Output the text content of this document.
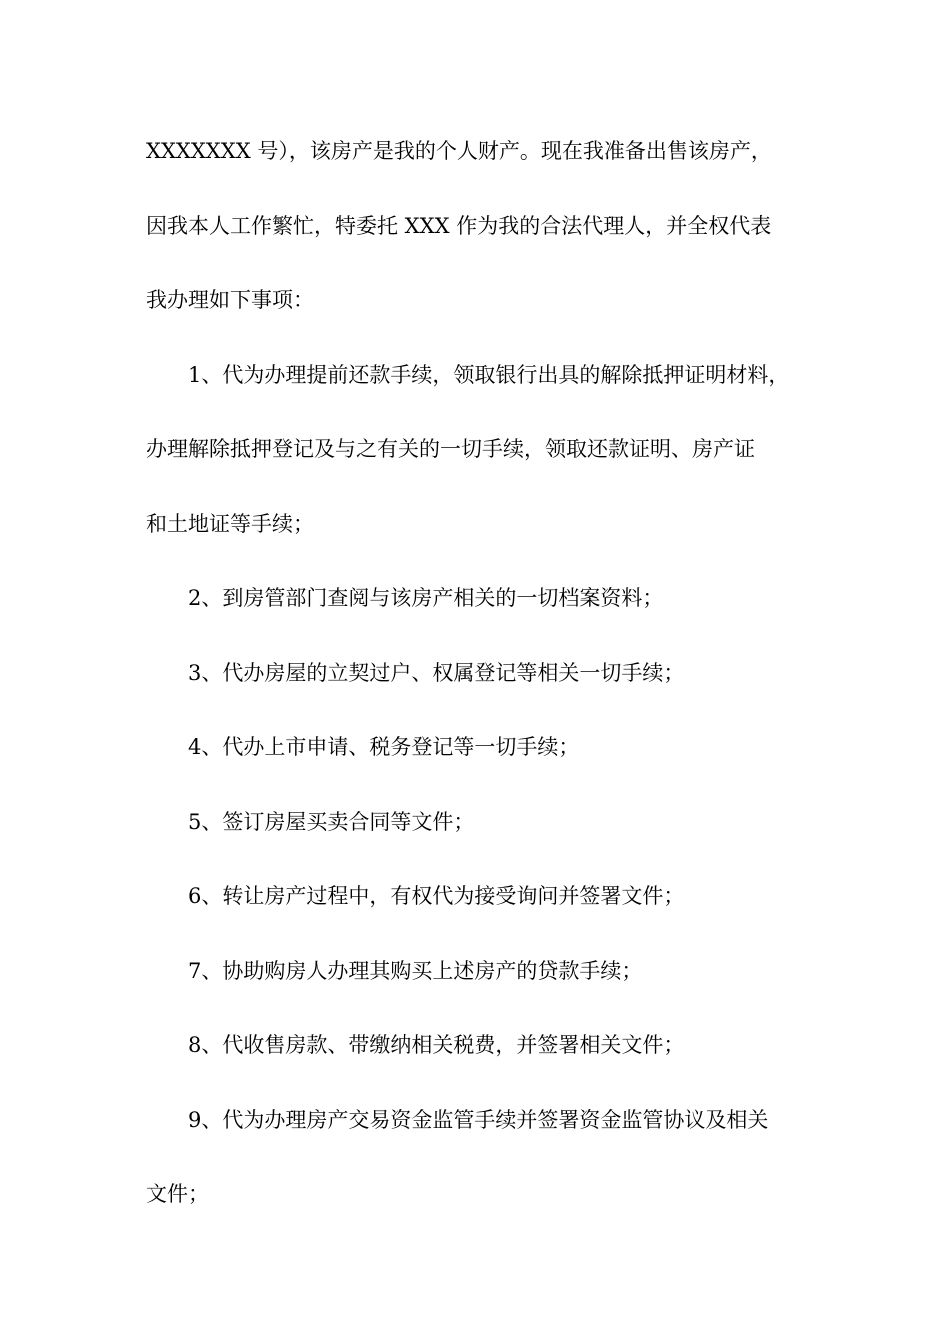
XXXXXXX 号），该房产是我的个人财产。现在我准备出售该房产，

因我本人工作繁忙，特委托 XXX 作为我的合法代理人，并全权代表

我办理如下事项：

1、代为办理提前还款手续，领取银行出具的解除抵押证明材料，

办理解除抵押登记及与之有关的一切手续，领取还款证明、房产证

和土地证等手续；

2、到房管部门查阅与该房产相关的一切档案资料；

3、代办房屋的立契过户、权属登记等相关一切手续；

4、代办上市申请、税务登记等一切手续；

5、签订房屋买卖合同等文件；

6、转让房产过程中，有权代为接受询问并签署文件；

7、协助购房人办理其购买上述房产的贷款手续；

8、代收售房款、带缴纳相关税费，并签署相关文件；

9、代为办理房产交易资金监管手续并签署资金监管协议及相关

文件；
